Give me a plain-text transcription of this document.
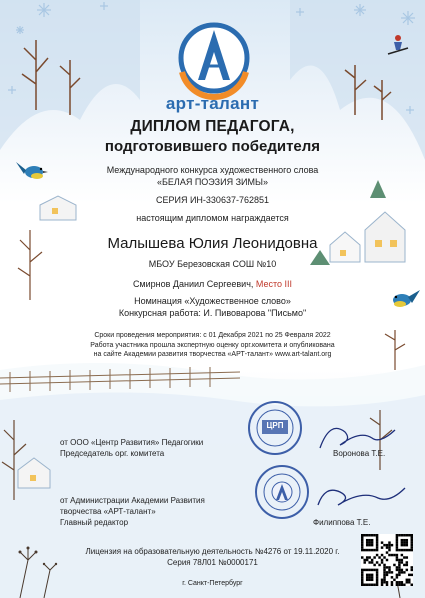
арт-талант
ДИПЛОМ ПЕДАГОГА,
подготовившего победителя
Международного конкурса художественного слова
«БЕЛАЯ ПОЭЗИЯ ЗИМЫ»
СЕРИЯ ИН-330637-762851
настоящим дипломом награждается
Малышева Юлия Леонидовна
МБОУ Березовская СОШ №10
Смирнов Даниил Сергеевич, Место III
Номинация «Художественное слово»
Конкурсная работа: И. Пивоварова "Письмо"
Сроки проведения мероприятия: с 01 Декабря 2021 по 25 Февраля 2022
Работа участника прошла экспертную оценку орг.комитета и опубликована
на сайте Академии развития творчества «АРТ-талант» www.art-talant.org
ЦРП
от ООО «Центр Развития» Педагогики
Председатель орг. комитета	Воронова Т.Е.
от Администрации Академии Развития
творчества «АРТ-талант»
Главный редактор	Филиппова Т.Е.
Лицензия на образовательную деятельность №4276 от 19.11.2020 г.
Серия 78Л01 №0000171
г. Санкт-Петербург
